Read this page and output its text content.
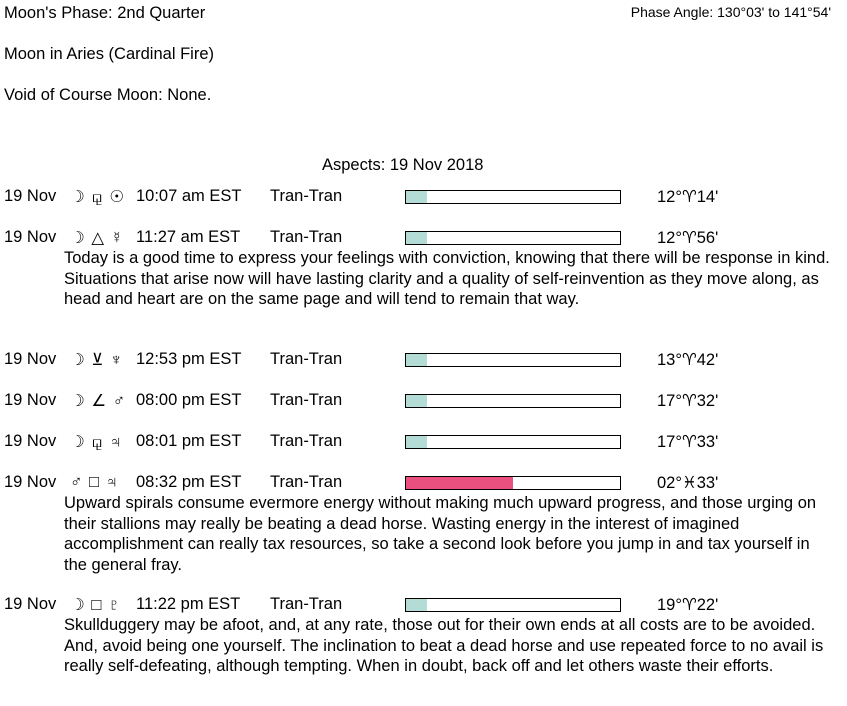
Moon's Phase: 2nd Quarter	Phase Angle: 130°03' to 141°54'
Moon in Aries (Cardinal Fire)
Void of Course Moon: None.
Aspects: 19 Nov 2018
19 Nov ☽ ⚼ ☉ 10:07 am EST Tran-Tran	12°♈14'
19 Nov ☽ △ ☿ 11:27 am EST Tran-Tran	12°♈56'
Today is a good time to express your feelings with conviction, knowing that there will be response in kind. Situations that arise now will have lasting clarity and a quality of self-reinvention as they move along, as head and heart are on the same page and will tend to remain that way.
19 Nov ☽ ⊻ ♆ 12:53 pm EST Tran-Tran	13°♈42'
19 Nov ☽ ∠ ♂ 08:00 pm EST Tran-Tran	17°♈32'
19 Nov ☽ ⚼ ♃ 08:01 pm EST Tran-Tran	17°♈33'
19 Nov ♂ □ ♃	08:32 pm EST Tran-Tran	02°♓33'
Upward spirals consume evermore energy without making much upward progress, and those urging on their stallions may really be beating a dead horse. Wasting energy in the interest of imagined accomplishment can really tax resources, so take a second look before you jump in and tax yourself in the general fray.
19 Nov ☽ □ ♇ 11:22 pm EST Tran-Tran	19°♈22'
Skullduggery may be afoot, and, at any rate, those out for their own ends at all costs are to be avoided. And, avoid being one yourself. The inclination to beat a dead horse and use repeated force to no avail is really self-defeating, although tempting. When in doubt, back off and let others waste their efforts.
